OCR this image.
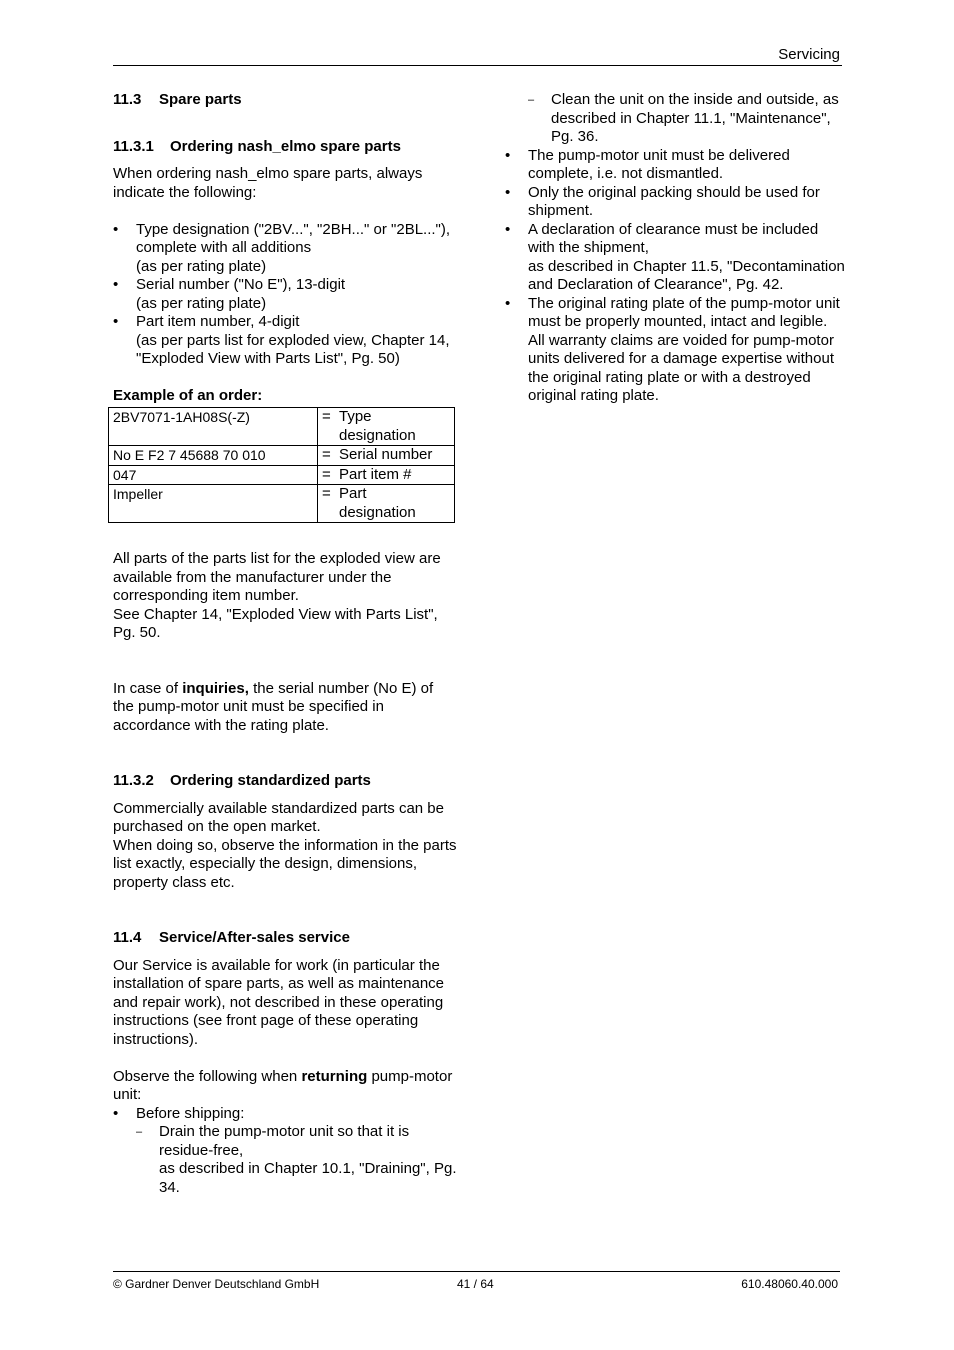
Servicing

11.3 Spare parts

11.3.1 Ordering nash_elmo spare parts

When ordering nash_elmo spare parts, always indicate the following:

• Type designation ("2BV...", "2BH..." or "2BL..."), complete with all additions
(as per rating plate)
• Serial number ("No E"), 13-digit
(as per rating plate)
• Part item number, 4-digit
(as per parts list for exploded view, Chapter 14, "Exploded View with Parts List", Pg. 50)

Example of an order:

2BV7071-1AH08S(-Z)	= Type designation
No E F2 7 45688 70 010	= Serial number
047	= Part item #
Impeller	= Part designation

All parts of the parts list for the exploded view are available from the manufacturer under the corresponding item number.
See Chapter 14, "Exploded View with Parts List", Pg. 50.

In case of inquiries, the serial number (No E) of the pump-motor unit must be specified in accordance with the rating plate.

11.3.2 Ordering standardized parts

Commercially available standardized parts can be purchased on the open market.
When doing so, observe the information in the parts list exactly, especially the design, dimensions, property class etc.

11.4 Service/After-sales service

Our Service is available for work (in particular the installation of spare parts, as well as maintenance and repair work), not described in these operating instructions (see front page of these operating instructions).

Observe the following when returning pump-motor unit:

• Before shipping:
– Drain the pump-motor unit so that it is residue-free,
as described in Chapter 10.1, "Draining", Pg. 34.
– Clean the unit on the inside and outside, as described in Chapter 11.1, "Maintenance", Pg. 36.
• The pump-motor unit must be delivered complete, i.e. not dismantled.
• Only the original packing should be used for shipment.
• A declaration of clearance must be included with the shipment,
as described in Chapter 11.5, "Decontamination and Declaration of Clearance", Pg. 42.
• The original rating plate of the pump-motor unit must be properly mounted, intact and legible.
All warranty claims are voided for pump-motor units delivered for a damage expertise without the original rating plate or with a destroyed original rating plate.
© Gardner Denver Deutschland GmbH	41 / 64	610.48060.40.000
